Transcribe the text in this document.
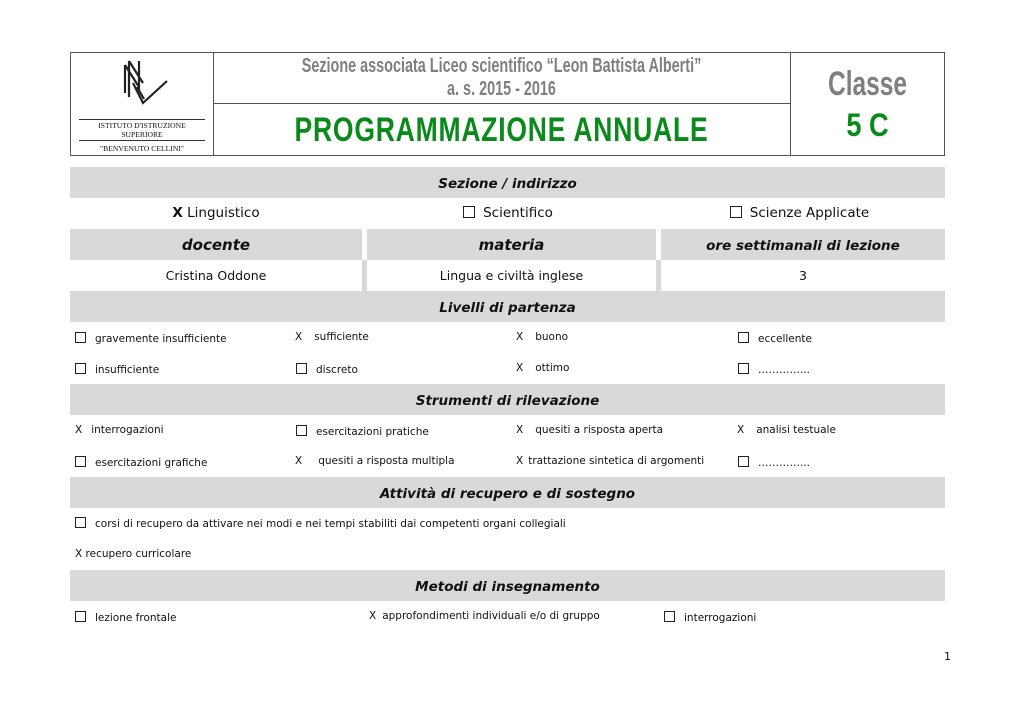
ISTITUTO D'ISTRUZIONE SUPERIORE
"BENVENUTO CELLINI"
Sezione associata Liceo scientifico “Leon Battista Alberti”
a. s. 2015 - 2016
PROGRAMMAZIONE ANNUALE
Classe
5 C
Sezione / indirizzo
X Linguistico	Scientifico	Scienze Applicate
docente	materia	ore settimanali di lezione
Cristina Oddone	Lingua e civiltà inglese	3
Livelli di partenza
gravemente insufficiente	X sufficiente	X buono	eccellente
insufficiente	discreto	X ottimo	…………...
Strumenti di rilevazione
X interrogazioni	esercitazioni pratiche	X quesiti a risposta aperta	X analisi testuale
esercitazioni grafiche	X quesiti a risposta multipla	X trattazione sintetica di argomenti	…………...
Attività di recupero e di sostegno
corsi di recupero da attivare nei modi e nei tempi stabiliti dai competenti organi collegiali
X recupero curricolare
Metodi di insegnamento
lezione frontale	X approfondimenti individuali e/o di gruppo	interrogazioni
1
